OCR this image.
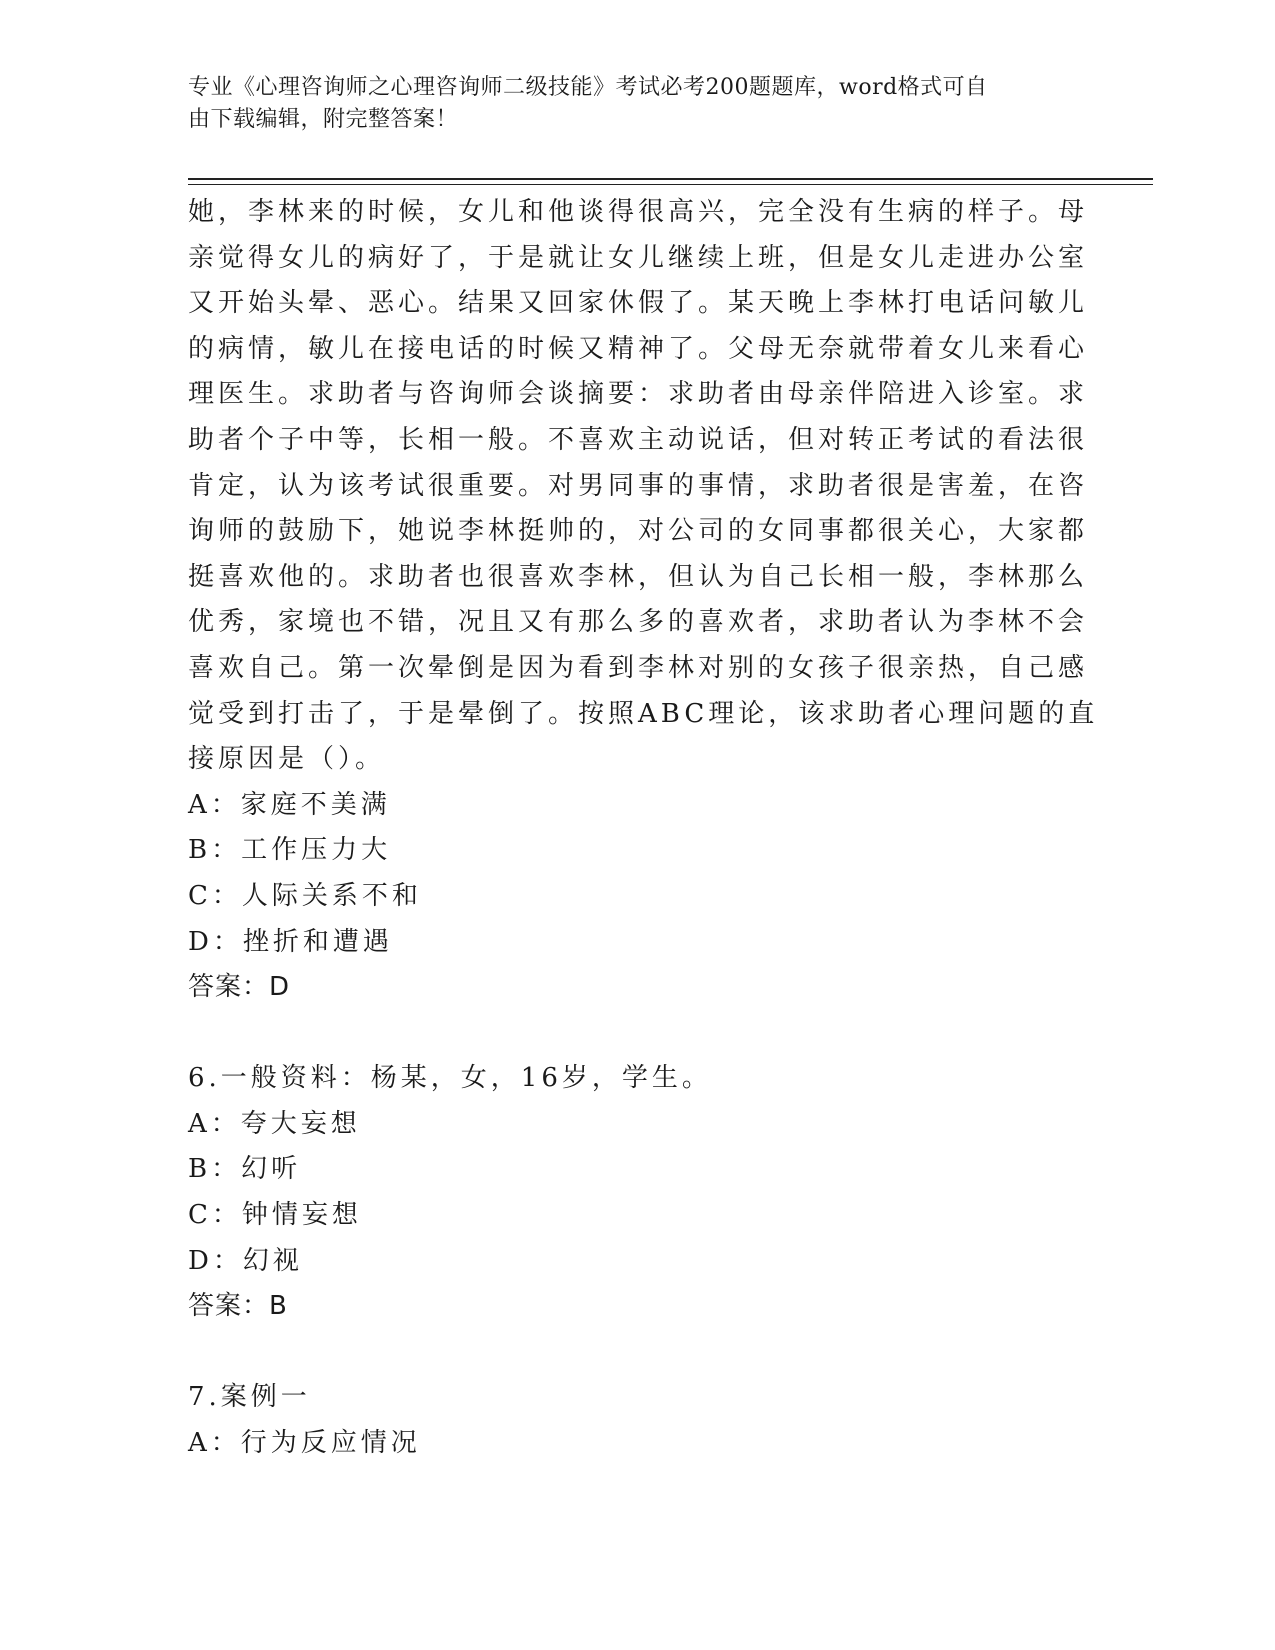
专业《心理咨询师之心理咨询师二级技能》考试必考200题题库，word格式可自
由下载编辑，附完整答案！
她，李林来的时候，女儿和他谈得很高兴，完全没有生病的样子。母
亲觉得女儿的病好了，于是就让女儿继续上班，但是女儿走进办公室
又开始头晕、恶心。结果又回家休假了。某天晚上李林打电话问敏儿
的病情，敏儿在接电话的时候又精神了。父母无奈就带着女儿来看心
理医生。求助者与咨询师会谈摘要：求助者由母亲伴陪进入诊室。求
助者个子中等，长相一般。不喜欢主动说话，但对转正考试的看法很
肯定，认为该考试很重要。对男同事的事情，求助者很是害羞，在咨
询师的鼓励下，她说李林挺帅的，对公司的女同事都很关心，大家都
挺喜欢他的。求助者也很喜欢李林，但认为自己长相一般，李林那么
优秀，家境也不错，况且又有那么多的喜欢者，求助者认为李林不会
喜欢自己。第一次晕倒是因为看到李林对别的女孩子很亲热，自己感
觉受到打击了，于是晕倒了。按照ABC理论，该求助者心理问题的直
接原因是（）。
A：家庭不美满
B：工作压力大
C：人际关系不和
D：挫折和遭遇
答案：D
6.一般资料：杨某，女，16岁，学生。
A：夸大妄想
B：幻听
C：钟情妄想
D：幻视
答案：B
7.案例一
A：行为反应情况
